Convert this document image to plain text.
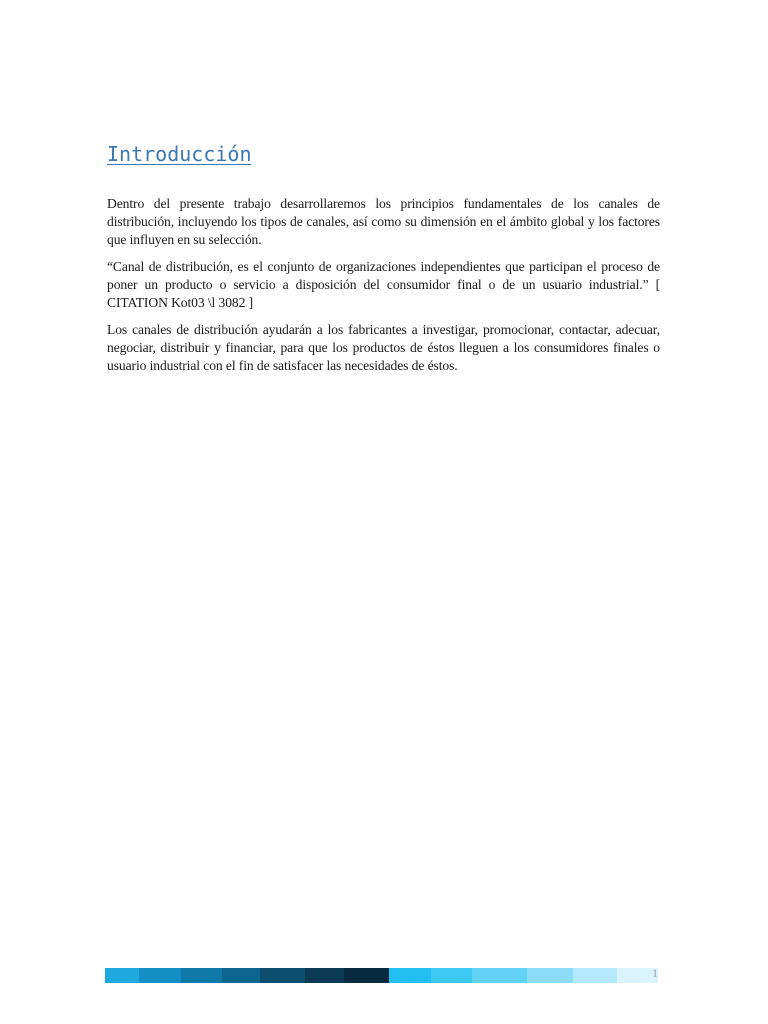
Introducción

Dentro del presente trabajo desarrollaremos los principios fundamentales de los canales de distribución, incluyendo los tipos de canales, así como su dimensión en el ámbito global y los factores que influyen en su selección.

“Canal de distribución, es el conjunto de organizaciones independientes que participan el proceso de poner un producto o servicio a disposición del consumidor final o de un usuario industrial.” [ CITATION Kot03 \l 3082 ]

Los canales de distribución ayudarán a los fabricantes a investigar, promocionar, contactar, adecuar, negociar, distribuir y financiar, para que los productos de éstos lleguen a los consumidores finales o usuario industrial con el fin de satisfacer las necesidades de éstos.

1
